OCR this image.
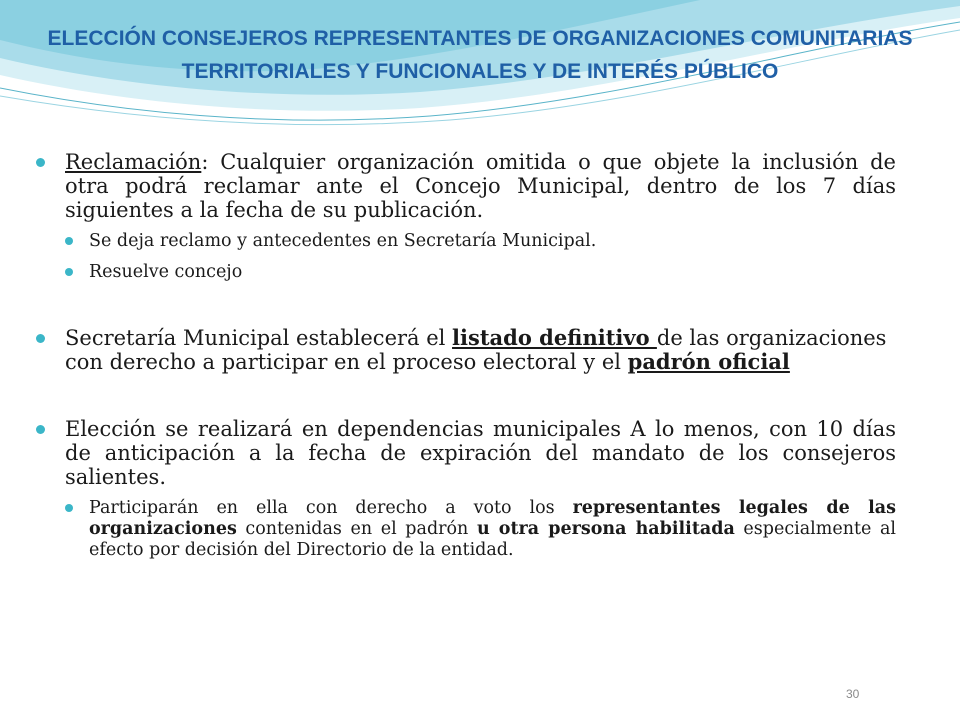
ELECCIÓN CONSEJEROS REPRESENTANTES DE ORGANIZACIONES COMUNITARIAS
TERRITORIALES Y FUNCIONALES Y DE INTERÉS PÚBLICO
Reclamación: Cualquier organización omitida o que objete la inclusión de otra podrá reclamar ante el Concejo Municipal, dentro de los 7 días siguientes a la fecha de su publicación.
Se deja reclamo y antecedentes en Secretaría Municipal.
Resuelve concejo
Secretaría Municipal establecerá el listado definitivo de las organizaciones con derecho a participar en el proceso electoral y el padrón oficial
Elección se realizará en dependencias municipales A lo menos, con 10 días de anticipación a la fecha de expiración del mandato de los consejeros salientes.
Participarán en ella con derecho a voto los representantes legales de las organizaciones contenidas en el padrón u otra persona habilitada especialmente al efecto por decisión del Directorio de la entidad.
30
